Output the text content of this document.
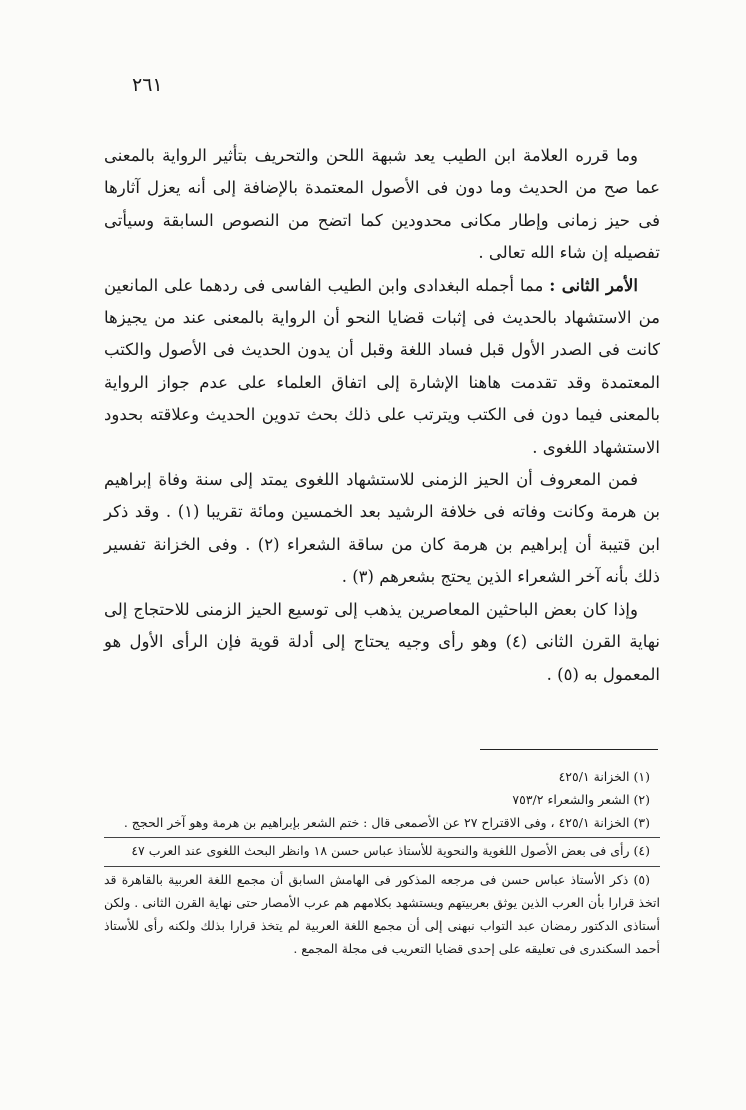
٢٦١

وما قرره العلامة ابن الطيب يعد شبهة اللحن والتحريف بتأثير الرواية بالمعنى عما صح من الحديث وما دون فى الأصول المعتمدة بالإضافة إلى أنه يعزل آثارها فى حيز زمانى وإطار مكانى محدودين كما اتضح من النصوص السابقة وسيأتى تفصيله إن شاء الله تعالى .

الأمر الثانى : مما أجمله البغدادى وابن الطيب الفاسى فى ردهما على المانعين من الاستشهاد بالحديث فى إثبات قضايا النحو أن الرواية بالمعنى عند من يجيزها كانت فى الصدر الأول قبل فساد اللغة وقبل أن يدون الحديث فى الأصول والكتب المعتمدة وقد تقدمت هاهنا الإشارة إلى اتفاق العلماء على عدم جواز الرواية بالمعنى فيما دون فى الكتب ويترتب على ذلك بحث تدوين الحديث وعلاقته بحدود الاستشهاد اللغوى .

فمن المعروف أن الحيز الزمنى للاستشهاد اللغوى يمتد إلى سنة وفاة إبراهيم بن هرمة وكانت وفاته فى خلافة الرشيد بعد الخمسين ومائة تقريبا (١) . وقد ذكر ابن قتيبة أن إبراهيم بن هرمة كان من ساقة الشعراء (٢) . وفى الخزانة تفسير ذلك بأنه آخر الشعراء الذين يحتج بشعرهم (٣) .

وإذا كان بعض الباحثين المعاصرين يذهب إلى توسيع الحيز الزمنى للاحتجاج إلى نهاية القرن الثانى (٤) وهو رأى وجيه يحتاج إلى أدلة قوية فإن الرأى الأول هو المعمول به (٥) .

(١) الخزانة ٤٢٥/١

(٢) الشعر والشعراء ٧٥٣/٢

(٣) الخزانة ٤٢٥/١ ، وفى الاقتراح ٢٧ عن الأصمعى قال : ختم الشعر بإبراهيم بن هرمة وهو آخر الحجج .

(٤) رأى فى بعض الأصول اللغوية والنحوية للأستاذ عباس حسن ١٨ وانظر البحث اللغوى عند العرب ٤٧

(٥) ذكر الأستاذ عباس حسن فى مرجعه المذكور فى الهامش السابق أن مجمع اللغة العربية بالقاهرة قد اتخذ قرارا بأن العرب الذين يوثق بعربيتهم ويستشهد بكلامهم هم عرب الأمصار حتى نهاية القرن الثانى . ولكن أستاذى الدكتور رمضان عبد التواب نبهنى إلى أن مجمع اللغة العربية لم يتخذ قرارا بذلك ولكنه رأى للأستاذ أحمد السكندرى فى تعليقه على إحدى قضايا التعريب فى مجلة المجمع .
